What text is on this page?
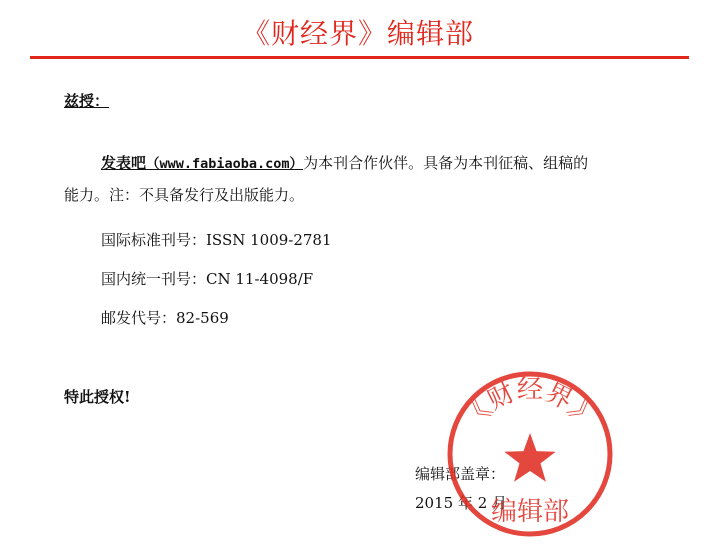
《财经界》编辑部
兹授：
发表吧（www.fabiaoba.com）为本刊合作伙伴。具备为本刊征稿、组稿的
能力。注：不具备发行及出版能力。
国际标准刊号：ISSN 1009-2781
国内统一刊号：CN 11-4098/F
邮发代号：82-569
特此授权!
编辑部盖章：
2015 年 2 月
《财经界》
编辑部
